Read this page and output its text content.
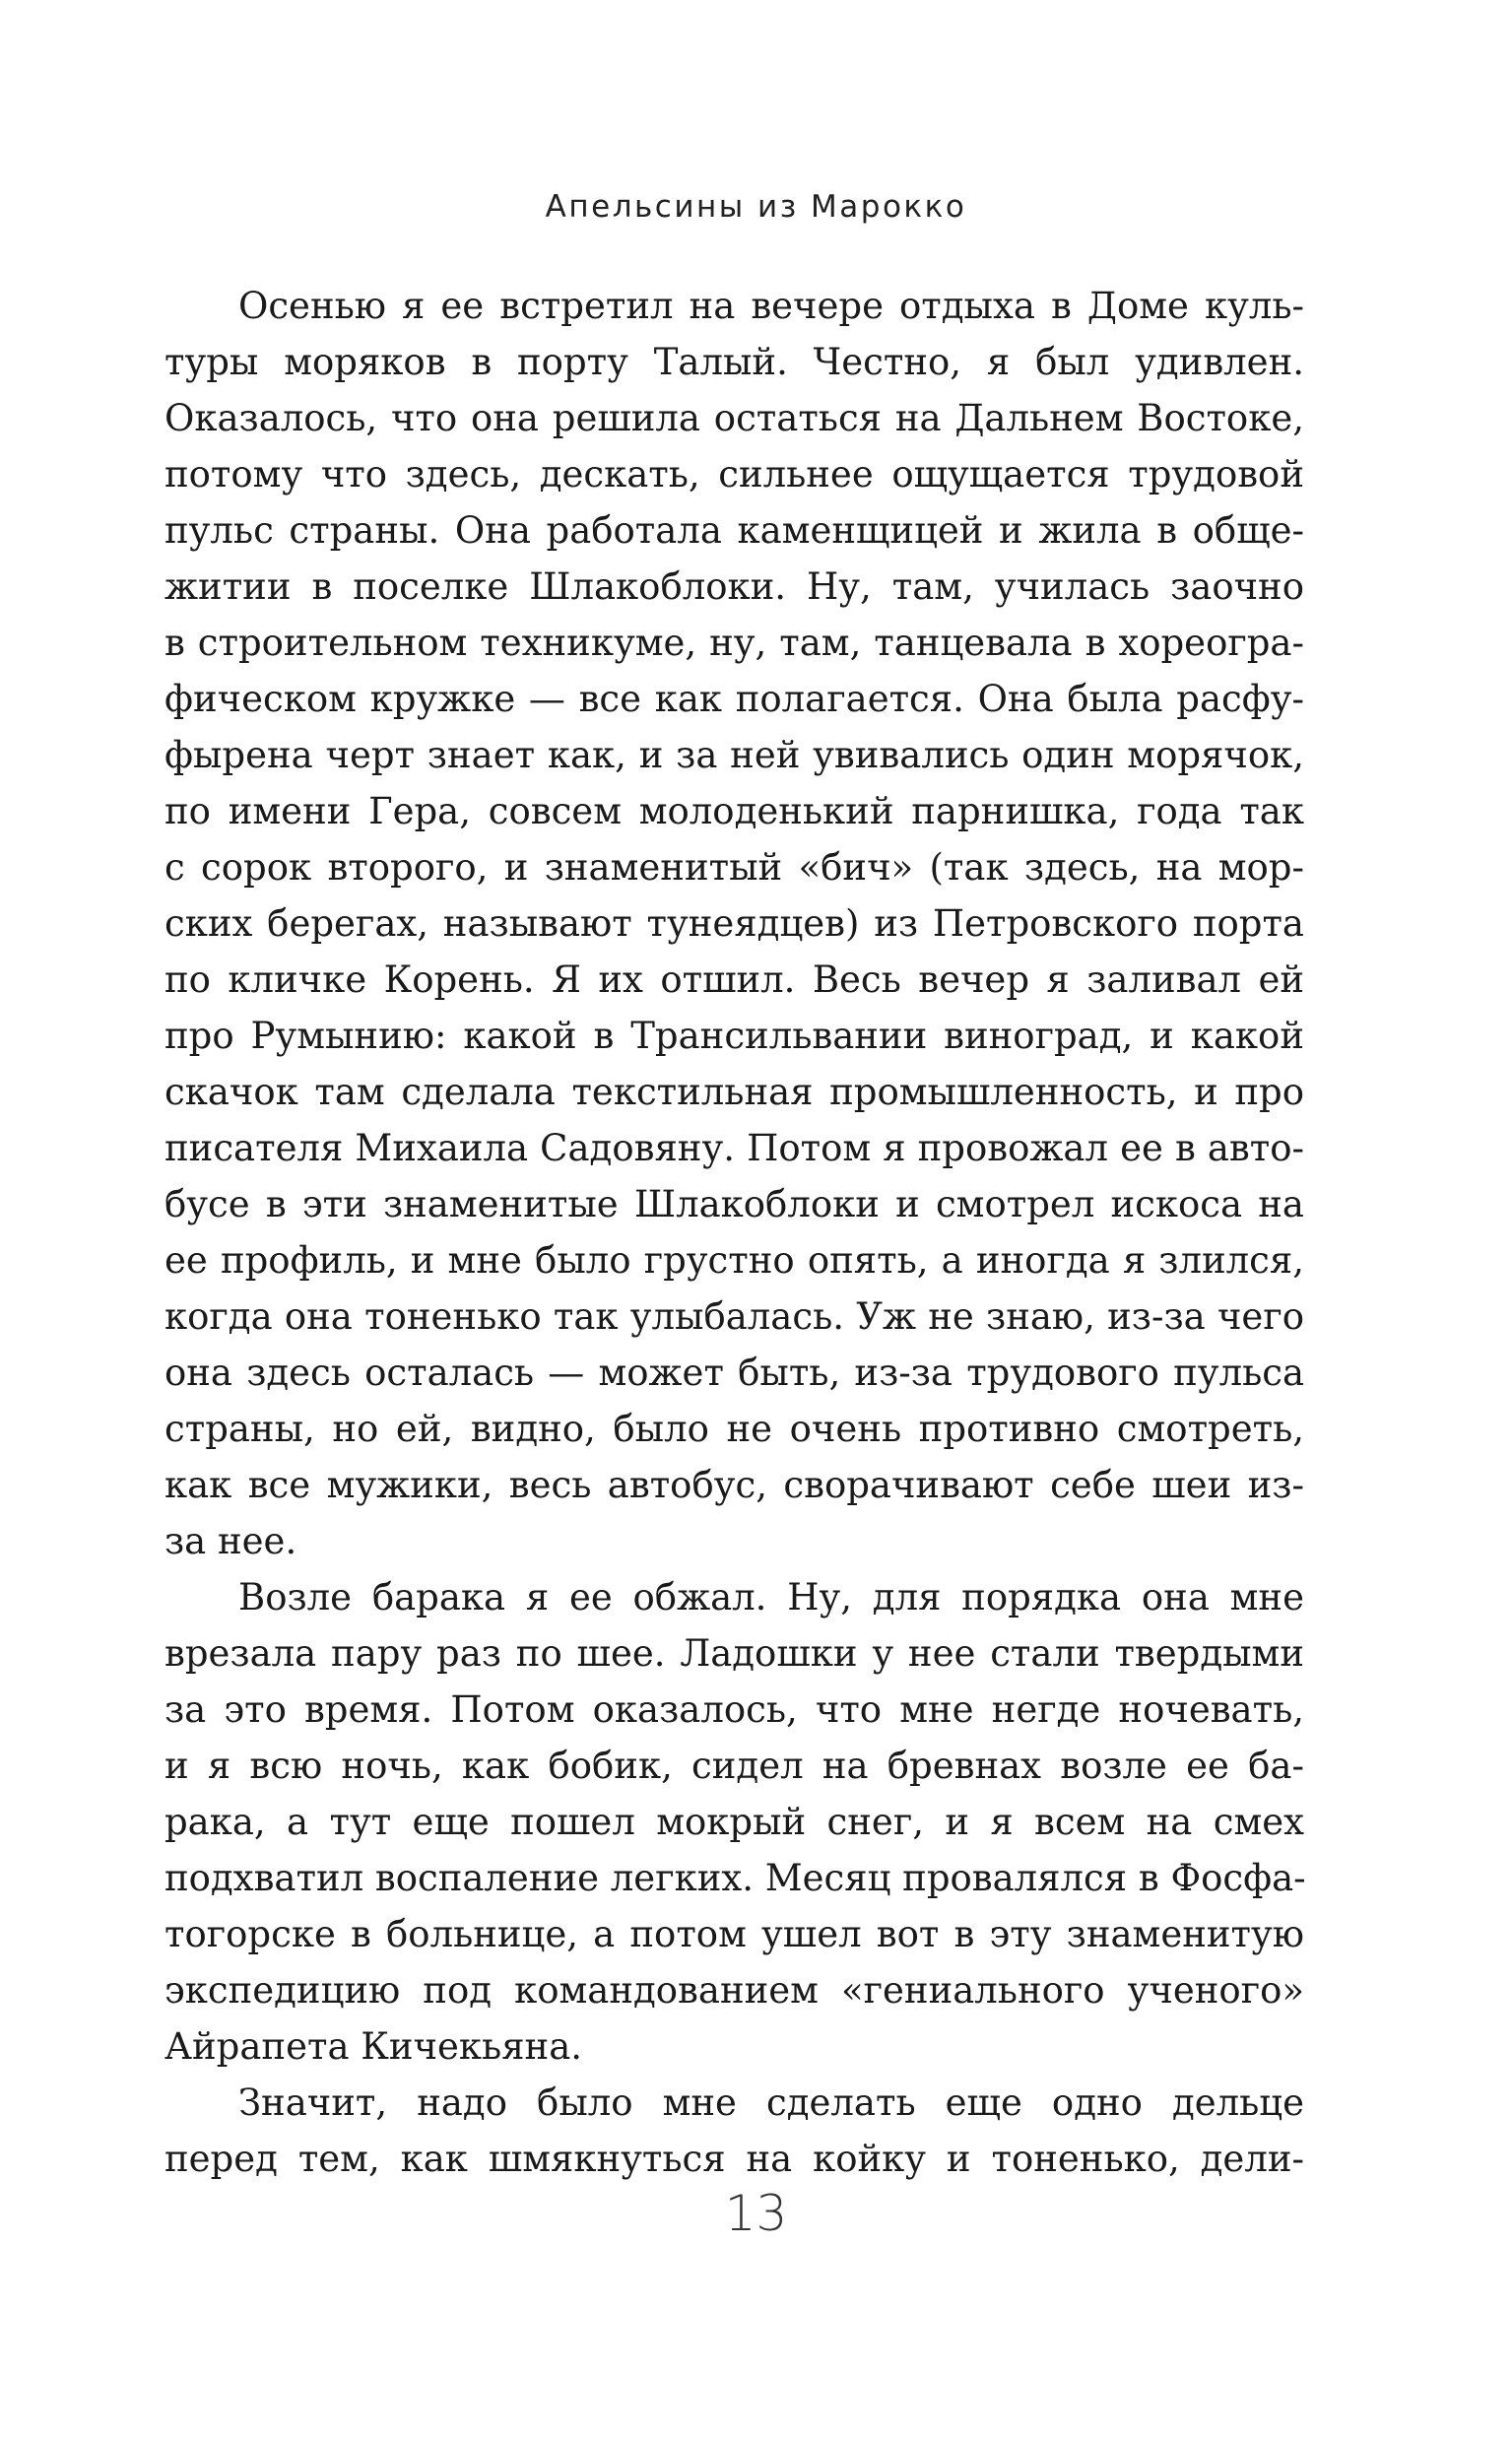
Апельсины из Марокко

Осенью я ее встретил на вечере отдыха в Доме куль-
туры моряков в порту Талый. Честно, я был удивлен.
Оказалось, что она решила остаться на Дальнем Востоке,
потому что здесь, дескать, сильнее ощущается трудовой
пульс страны. Она работала каменщицей и жила в обще-
житии в поселке Шлакоблоки. Ну, там, училась заочно
в строительном техникуме, ну, там, танцевала в хореогра-
фическом кружке — все как полагается. Она была расфу-
фырена черт знает как, и за ней увивались один морячок,
по имени Гера, совсем молоденький парнишка, года так
с сорок второго, и знаменитый «бич» (так здесь, на мор-
ских берегах, называют тунеядцев) из Петровского порта
по кличке Корень. Я их отшил. Весь вечер я заливал ей
про Румынию: какой в Трансильвании виноград, и какой
скачок там сделала текстильная промышленность, и про
писателя Михаила Садовяну. Потом я провожал ее в авто-
бусе в эти знаменитые Шлакоблоки и смотрел искоса на
ее профиль, и мне было грустно опять, а иногда я злился,
когда она тоненько так улыбалась. Уж не знаю, из-за чего
она здесь осталась — может быть, из-за трудового пульса
страны, но ей, видно, было не очень противно смотреть,
как все мужики, весь автобус, сворачивают себе шеи из-
за нее.

Возле барака я ее обжал. Ну, для порядка она мне
врезала пару раз по шее. Ладошки у нее стали твердыми
за это время. Потом оказалось, что мне негде ночевать,
и я всю ночь, как бобик, сидел на бревнах возле ее ба-
рака, а тут еще пошел мокрый снег, и я всем на смех
подхватил воспаление легких. Месяц провалялся в Фосфа-
тогорске в больнице, а потом ушел вот в эту знаменитую
экспедицию под командованием «гениального ученого»
Айрапета Кичекьяна.

Значит, надо было мне сделать еще одно дельце
перед тем, как шмякнуться на койку и тоненько, дели-

13
